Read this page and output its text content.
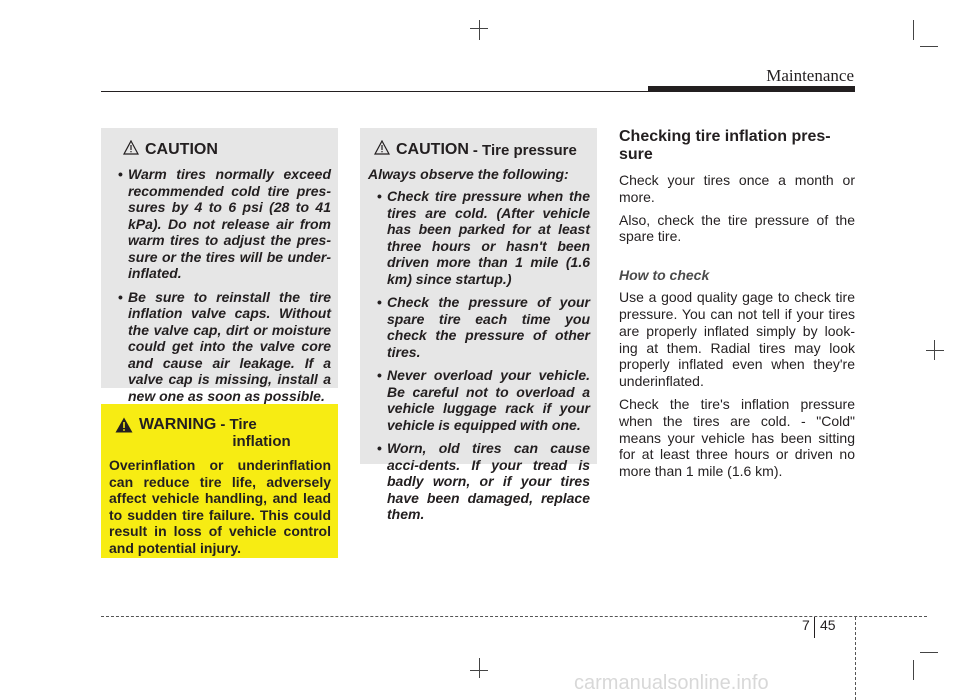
Maintenance
CAUTION
• Warm tires normally exceed recommended cold tire pres-sures by 4 to 6 psi (28 to 41 kPa). Do not release air from warm tires to adjust the pres-sure or the tires will be under-inflated.
• Be sure to reinstall the tire inflation valve caps. Without the valve cap, dirt or moisture could get into the valve core and cause air leakage. If a valve cap is missing, install a new one as soon as possible.
WARNING - Tire
inflation

Overinflation or underinflation can reduce tire life, adversely affect vehicle handling, and lead to sudden tire failure. This could result in loss of vehicle control and potential injury.

CAUTION - Tire pressure

Always observe the following:

• Check tire pressure when the tires are cold. (After vehicle has been parked for at least three hours or hasn't been driven more than 1 mile (1.6 km) since startup.)
• Check the pressure of your spare tire each time you check the pressure of other tires.
• Never overload your vehicle. Be careful not to overload a vehicle luggage rack if your vehicle is equipped with one.
• Worn, old tires can cause acci-dents. If your tread is badly worn, or if your tires have been damaged, replace them.
Checking tire inflation pres-sure

Check your tires once a month or more.

Also, check the tire pressure of the spare tire.

How to check

Use a good quality gage to check tire pressure. You can not tell if your tires are properly inflated simply by look-ing at them. Radial tires may look properly inflated even when they're underinflated.

Check the tire's inflation pressure when the tires are cold. - "Cold" means your vehicle has been sitting for at least three hours or driven no more than 1 mile (1.6 km).

7 45
carmanualsonline.info
